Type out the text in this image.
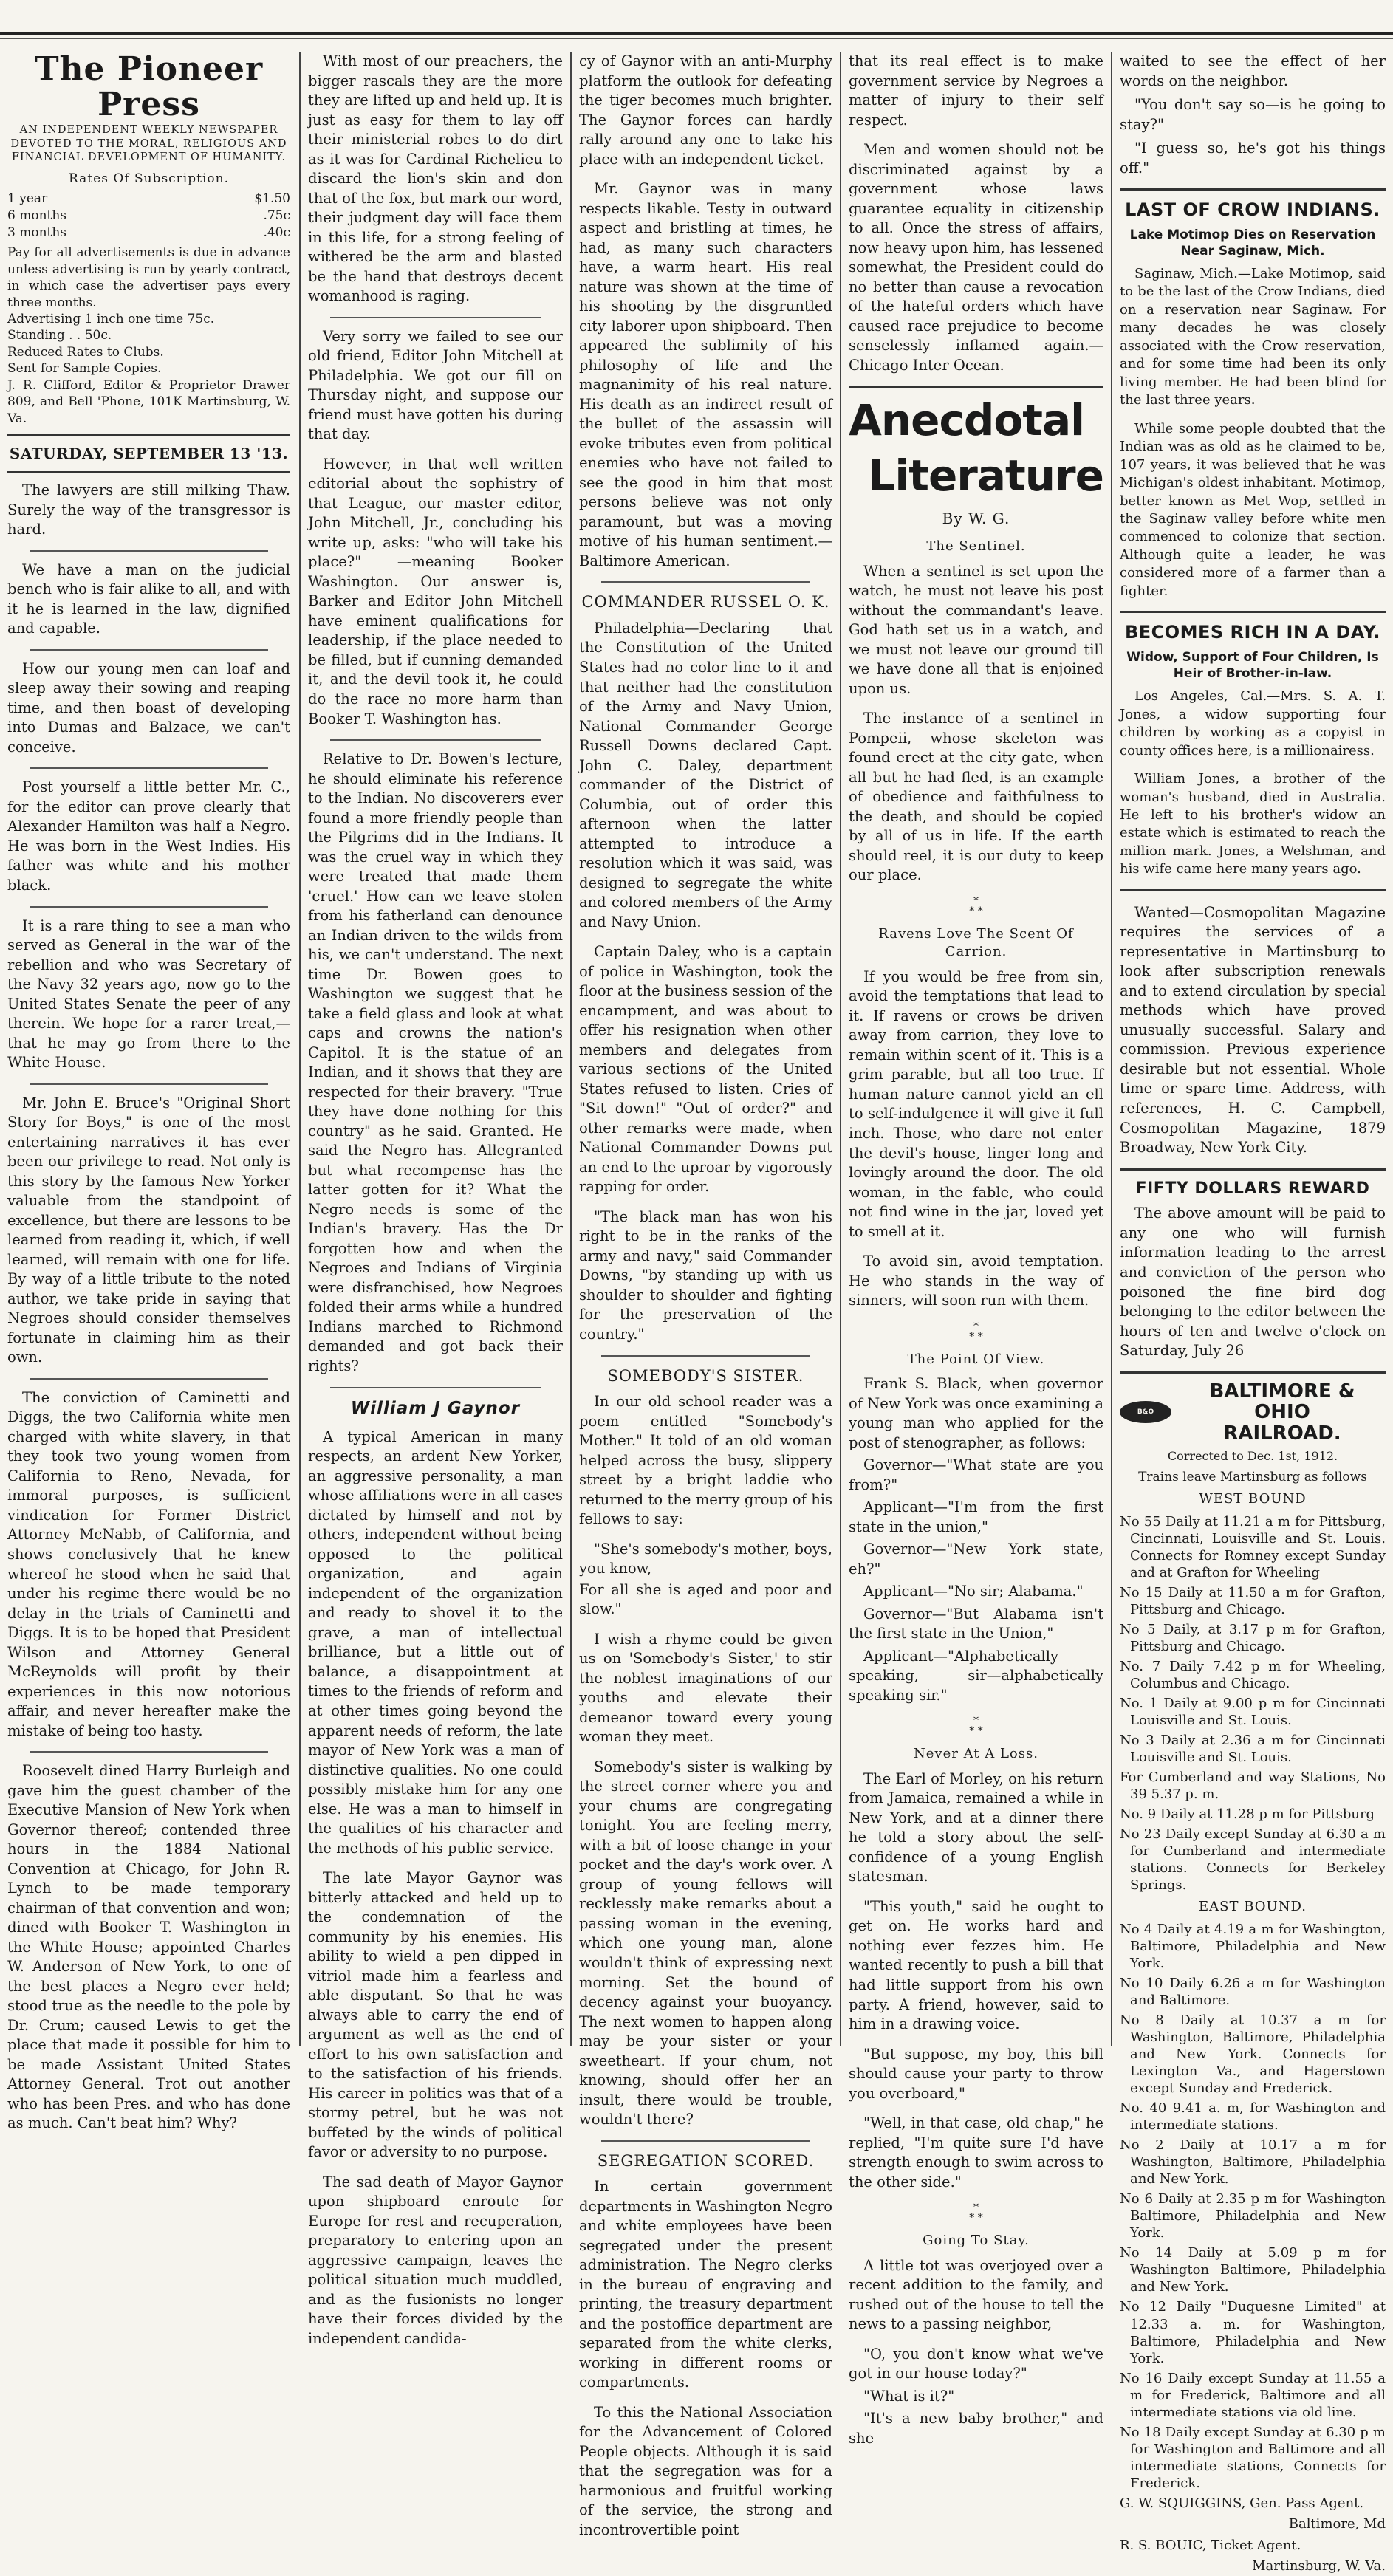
The Pioneer Press
AN INDEPENDENT WEEKLY NEWSPAPER DEVOTED TO THE MORAL, RELIGIOUS AND FINANCIAL DEVELOPMENT OF HUMANITY.
Rates Of Subscription.
1 year	$1.50
6 months	.75c
3 months	.40c
Pay for all advertisements is due in advance unless advertising is run by yearly contract, in which case the advertiser pays every three months.
Advertising 1 inch one time 75c.
Standing . . 50c.
Reduced Rates to Clubs.
Sent for Sample Copies.
J. R. Clifford, Editor & Proprietor Drawer 809, and Bell 'Phone, 101K Martinsburg, W. Va.
SATURDAY, SEPTEMBER 13 '13.

The lawyers are still milking Thaw. Surely the way of the transgressor is hard.

We have a man on the judicial bench who is fair alike to all, and with it he is learned in the law, dignified and capable.

How our young men can loaf and sleep away their sowing and reaping time, and then boast of developing into Dumas and Balzace, we can't conceive.

Post yourself a little better Mr. C., for the editor can prove clearly that Alexander Hamilton was half a Negro. He was born in the West Indies. His father was white and his mother black.

It is a rare thing to see a man who served as General in the war of the rebellion and who was Secretary of the Navy 32 years ago, now go to the United States Senate the peer of any therein. We hope for a rarer treat,—that he may go from there to the White House.

Mr. John E. Bruce's "Original Short Story for Boys," is one of the most entertaining narratives it has ever been our privilege to read. Not only is this story by the famous New Yorker valuable from the standpoint of excellence, but there are lessons to be learned from reading it, which, if well learned, will remain with one for life. By way of a little tribute to the noted author, we take pride in saying that Negroes should consider themselves fortunate in claiming him as their own.

The conviction of Caminetti and Diggs, the two California white men charged with white slavery, in that they took two young women from California to Reno, Nevada, for immoral purposes, is sufficient vindication for Former District Attorney McNabb, of California, and shows conclusively that he knew whereof he stood when he said that under his regime there would be no delay in the trials of Caminetti and Diggs. It is to be hoped that President Wilson and Attorney General McReynolds will profit by their experiences in this now notorious affair, and never hereafter make the mistake of being too hasty.

Roosevelt dined Harry Burleigh and gave him the guest chamber of the Executive Mansion of New York when Governor thereof; contended three hours in the 1884 National Convention at Chicago, for John R. Lynch to be made temporary chairman of that convention and won; dined with Booker T. Washington in the White House; appointed Charles W. Anderson of New York, to one of the best places a Negro ever held; stood true as the needle to the pole by Dr. Crum; caused Lewis to get the place that made it possible for him to be made Assistant United States Attorney General. Trot out another who has been Pres. and who has done as much. Can't beat him? Why?

With most of our preachers, the bigger rascals they are the more they are lifted up and held up. It is just as easy for them to lay off their ministerial robes to do dirt as it was for Cardinal Richelieu to discard the lion's skin and don that of the fox, but mark our word, their judgment day will face them in this life, for a strong feeling of withered be the arm and blasted be the hand that destroys decent womanhood is raging.

Very sorry we failed to see our old friend, Editor John Mitchell at Philadelphia. We got our fill on Thursday night, and suppose our friend must have gotten his during that day.

However, in that well written editorial about the sophistry of that League, our master editor, John Mitchell, Jr., concluding his write up, asks: "who will take his place?" —meaning Booker Washington. Our answer is, Barker and Editor John Mitchell have eminent qualifications for leadership, if the place needed to be filled, but if cunning demanded it, and the devil took it, he could do the race no more harm than Booker T. Washington has.

Relative to Dr. Bowen's lecture, he should eliminate his reference to the Indian. No discoverers ever found a more friendly people than the Pilgrims did in the Indians. It was the cruel way in which they were treated that made them 'cruel.' How can we leave stolen from his fatherland can denounce an Indian driven to the wilds from his, we can't understand. The next time Dr. Bowen goes to Washington we suggest that he take a field glass and look at what caps and crowns the nation's Capitol. It is the statue of an Indian, and it shows that they are respected for their bravery. "True they have done nothing for this country" as he said. Granted. He said the Negro has. Allegranted but what recompense has the latter gotten for it? What the Negro needs is some of the Indian's bravery. Has the Dr forgotten how and when the Negroes and Indians of Virginia were disfranchised, how Negroes folded their arms while a hundred Indians marched to Richmond demanded and got back their rights?

William J Gaynor

A typical American in many respects, an ardent New Yorker, an aggressive personality, a man whose affiliations were in all cases dictated by himself and not by others, independent without being opposed to the political organization, and again independent of the organization and ready to shovel it to the grave, a man of intellectual brilliance, but a little out of balance, a disappointment at times to the friends of reform and at other times going beyond the apparent needs of reform, the late mayor of New York was a man of distinctive qualities. No one could possibly mistake him for any one else. He was a man to himself in the qualities of his character and the methods of his public service.

The late Mayor Gaynor was bitterly attacked and held up to the condemnation of the community by his enemies. His ability to wield a pen dipped in vitriol made him a fearless and able disputant. So that he was always able to carry the end of argument as well as the end of effort to his own satisfaction and to the satisfaction of his friends. His career in politics was that of a stormy petrel, but he was not buffeted by the winds of political favor or adversity to no purpose.

The sad death of Mayor Gaynor upon shipboard enroute for Europe for rest and recuperation, preparatory to entering upon an aggressive campaign, leaves the political situation much muddled, and as the fusionists no longer have their forces divided by the independent candida-

cy of Gaynor with an anti-Murphy platform the outlook for defeating the tiger becomes much brighter. The Gaynor forces can hardly rally around any one to take his place with an independent ticket.

Mr. Gaynor was in many respects likable. Testy in outward aspect and bristling at times, he had, as many such characters have, a warm heart. His real nature was shown at the time of his shooting by the disgruntled city laborer upon shipboard. Then appeared the sublimity of his philosophy of life and the magnanimity of his real nature. His death as an indirect result of the bullet of the assassin will evoke tributes even from political enemies who have not failed to see the good in him that most persons believe was not only paramount, but was a moving motive of his human sentiment.—Baltimore American.

COMMANDER RUSSEL O. K.

Philadelphia—Declaring that the Constitution of the United States had no color line to it and that neither had the constitution of the Army and Navy Union, National Commander George Russell Downs declared Capt. John C. Daley, department commander of the District of Columbia, out of order this afternoon when the latter attempted to introduce a resolution which it was said, was designed to segregate the white and colored members of the Army and Navy Union.

Captain Daley, who is a captain of police in Washington, took the floor at the business session of the encampment, and was about to offer his resignation when other members and delegates from various sections of the United States refused to listen. Cries of "Sit down!" "Out of order?" and other remarks were made, when National Commander Downs put an end to the uproar by vigorously rapping for order.

"The black man has won his right to be in the ranks of the army and navy," said Commander Downs, "by standing up with us shoulder to shoulder and fighting for the preservation of the country."

SOMEBODY'S SISTER.

In our old school reader was a poem entitled "Somebody's Mother." It told of an old woman helped across the busy, slippery street by a bright laddie who returned to the merry group of his fellows to say:

"She's somebody's mother, boys, you know,

For all she is aged and poor and slow."

I wish a rhyme could be given us on 'Somebody's Sister,' to stir the noblest imaginations of our youths and elevate their demeanor toward every young woman they meet.

Somebody's sister is walking by the street corner where you and your chums are congregating tonight. You are feeling merry, with a bit of loose change in your pocket and the day's work over. A group of young fellows will recklessly make remarks about a passing woman in the evening, which one young man, alone wouldn't think of expressing next morning. Set the bound of decency against your buoyancy. The next women to happen along may be your sister or your sweetheart. If your chum, not knowing, should offer her an insult, there would be trouble, wouldn't there?

SEGREGATION SCORED.

In certain government departments in Washington Negro and white employees have been segregated under the present administration. The Negro clerks in the bureau of engraving and printing, the treasury department and the postoffice department are separated from the white clerks, working in different rooms or compartments.

To this the National Association for the Advancement of Colored People objects. Although it is said that the segregation was for a harmonious and fruitful working of the service, the strong and incontrovertible point

that its real effect is to make government service by Negroes a matter of injury to their self respect.

Men and women should not be discriminated against by a government whose laws guarantee equality in citizenship to all. Once the stress of affairs, now heavy upon him, has lessened somewhat, the President could do no better than cause a revocation of the hateful orders which have caused race prejudice to become senselessly inflamed again.—Chicago Inter Ocean.

Anecdotal
Literature
By W. G.
The Sentinel.

When a sentinel is set upon the watch, he must not leave his post without the commandant's leave. God hath set us in a watch, and we must not leave our ground till we have done all that is enjoined upon us.

The instance of a sentinel in Pompeii, whose skeleton was found erect at the city gate, when all but he had fled, is an example of obedience and faithfulness to the death, and should be copied by all of us in life. If the earth should reel, it is our duty to keep our place.

*
* *
Ravens Love The Scent Of Carrion.

If you would be free from sin, avoid the temptations that lead to it. If ravens or crows be driven away from carrion, they love to remain within scent of it. This is a grim parable, but all too true. If human nature cannot yield an ell to self-indulgence it will give it full inch. Those, who dare not enter the devil's house, linger long and lovingly around the door. The old woman, in the fable, who could not find wine in the jar, loved yet to smell at it.

To avoid sin, avoid temptation. He who stands in the way of sinners, will soon run with them.

*
* *
The Point Of View.

Frank S. Black, when governor of New York was once examining a young man who applied for the post of stenographer, as follows:

Governor—"What state are you from?"

Applicant—"I'm from the first state in the union,"

Governor—"New York state, eh?"

Applicant—"No sir; Alabama."

Governor—"But Alabama isn't the first state in the Union,"

Applicant—"Alphabetically speaking, sir—alphabetically speaking sir."

*
* *
Never At A Loss.

The Earl of Morley, on his return from Jamaica, remained a while in New York, and at a dinner there he told a story about the self-confidence of a young English statesman.

"This youth," said he ought to get on. He works hard and nothing ever fezzes him. He wanted recently to push a bill that had little support from his own party. A friend, however, said to him in a drawing voice.

"But suppose, my boy, this bill should cause your party to throw you overboard,"

"Well, in that case, old chap," he replied, "I'm quite sure I'd have strength enough to swim across to the other side."

*
* *
Going To Stay.

A little tot was overjoyed over a recent addition to the family, and rushed out of the house to tell the news to a passing neighbor,

"O, you don't know what we've got in our house today?"

"What is it?"

"It's a new baby brother," and she

waited to see the effect of her words on the neighbor.

"You don't say so—is he going to stay?"

"I guess so, he's got his things off."

LAST OF CROW INDIANS.
Lake Motimop Dies on Reservation Near Saginaw, Mich.

Saginaw, Mich.—Lake Motimop, said to be the last of the Crow Indians, died on a reservation near Saginaw. For many decades he was closely associated with the Crow reservation, and for some time had been its only living member. He had been blind for the last three years.

While some people doubted that the Indian was as old as he claimed to be, 107 years, it was believed that he was Michigan's oldest inhabitant. Motimop, better known as Met Wop, settled in the Saginaw valley before white men commenced to colonize that section. Although quite a leader, he was considered more of a farmer than a fighter.

BECOMES RICH IN A DAY.
Widow, Support of Four Children, Is Heir of Brother-in-law.

Los Angeles, Cal.—Mrs. S. A. T. Jones, a widow supporting four children by working as a copyist in county offices here, is a millionairess.

William Jones, a brother of the woman's husband, died in Australia. He left to his brother's widow an estate which is estimated to reach the million mark. Jones, a Welshman, and his wife came here many years ago.

Wanted—Cosmopolitan Magazine requires the services of a representative in Martinsburg to look after subscription renewals and to extend circulation by special methods which have proved unusually successful. Salary and commission. Previous experience desirable but not essential. Whole time or spare time. Address, with references, H. C. Campbell, Cosmopolitan Magazine, 1879 Broadway, New York City.

FIFTY DOLLARS REWARD

The above amount will be paid to any one who will furnish information leading to the arrest and conviction of the person who poisoned the fine bird dog belonging to the editor between the hours of ten and twelve o'clock on Saturday, July 26

B&O
BALTIMORE & OHIO
RAILROAD.
Corrected to Dec. 1st, 1912.
Trains leave Martinsburg as follows
WEST BOUND

No 55 Daily at 11.21 a m for Pittsburg, Cincinnati, Louisville and St. Louis. Connects for Romney except Sunday and at Grafton for Wheeling

No 15 Daily at 11.50 a m for Grafton, Pittsburg and Chicago.

No 5 Daily, at 3.17 p m for Grafton, Pittsburg and Chicago.

No. 7 Daily 7.42 p m for Wheeling, Columbus and Chicago.

No. 1 Daily at 9.00 p m for Cincinnati Louisville and St. Louis.

No 3 Daily at 2.36 a m for Cincinnati Louisville and St. Louis.

For Cumberland and way Stations, No 39 5.37 p. m.

No. 9 Daily at 11.28 p m for Pittsburg

No 23 Daily except Sunday at 6.30 a m for Cumberland and intermediate stations. Connects for Berkeley Springs.

EAST BOUND.

No 4 Daily at 4.19 a m for Washington, Baltimore, Philadelphia and New York.

No 10 Daily 6.26 a m for Washington and Baltimore.

No 8 Daily at 10.37 a m for Washington, Baltimore, Philadelphia and New York. Connects for Lexington Va., and Hagerstown except Sunday and Frederick.

No. 40 9.41 a. m, for Washington and intermediate stations.

No 2 Daily at 10.17 a m for Washington, Baltimore, Philadelphia and New York.

No 6 Daily at 2.35 p m for Washington Baltimore, Philadelphia and New York.

No 14 Daily at 5.09 p m for Washington Baltimore, Philadelphia and New York.

No 12 Daily "Duquesne Limited" at 12.33 a. m. for Washington, Baltimore, Philadelphia and New York.

No 16 Daily except Sunday at 11.55 a m for Frederick, Baltimore and all intermediate stations via old line.

No 18 Daily except Sunday at 6.30 p m for Washington and Baltimore and all intermediate stations, Connects for Frederick.

G. W. SQUIGGINS, Gen. Pass Agent.
Baltimore, Md
R. S. BOUIC, Ticket Agent.
Martinsburg, W. Va.
